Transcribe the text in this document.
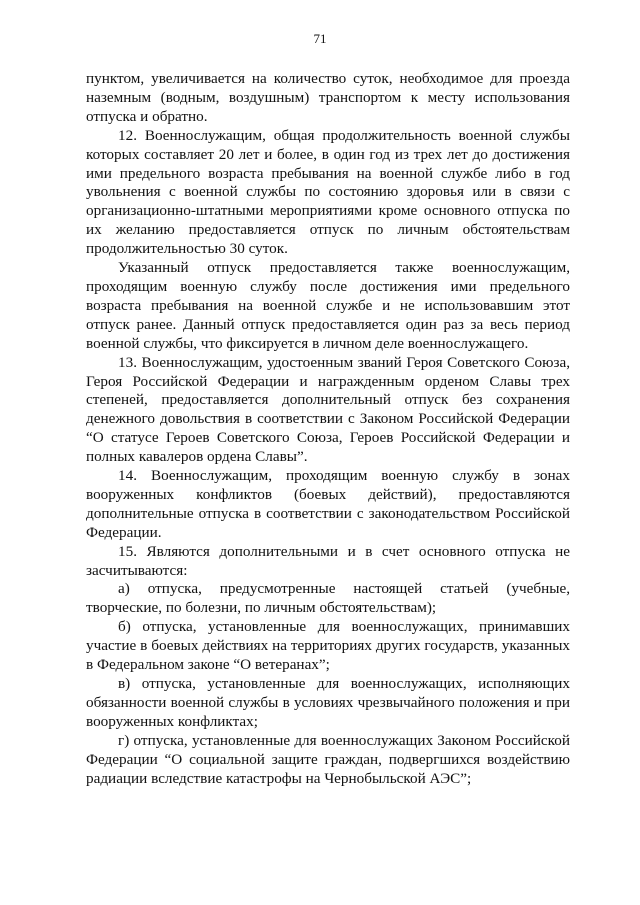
71

пунктом, увеличивается на количество суток, необходимое для проезда наземным (водным, воздушным) транспортом к месту использования отпуска и обратно.

12. Военнослужащим, общая продолжительность военной службы которых составляет 20 лет и более, в один год из трех лет до достижения ими предельного возраста пребывания на военной службе либо в год увольнения с военной службы по состоянию здоровья или в связи с организационно-штатными мероприятиями кроме основного отпуска по их желанию предоставляется отпуск по личным обстоятельствам продолжительностью 30 суток.

Указанный отпуск предоставляется также военнослужащим, проходящим военную службу после достижения ими предельного возраста пребывания на военной службе и не использовавшим этот отпуск ранее. Данный отпуск предоставляется один раз за весь период военной службы, что фиксируется в личном деле военнослужащего.

13. Военнослужащим, удостоенным званий Героя Советского Союза, Героя Российской Федерации и награжденным орденом Славы трех степеней, предоставляется дополнительный отпуск без сохранения денежного довольствия в соответствии с Законом Российской Федерации “О статусе Героев Советского Союза, Героев Российской Федерации и полных кавалеров ордена Славы”.

14. Военнослужащим, проходящим военную службу в зонах вооруженных конфликтов (боевых действий), предоставляются дополнительные отпуска в соответствии с законодательством Российской Федерации.

15. Являются дополнительными и в счет основного отпуска не засчитываются:

а) отпуска, предусмотренные настоящей статьей (учебные, творческие, по болезни, по личным обстоятельствам);

б) отпуска, установленные для военнослужащих, принимавших участие в боевых действиях на территориях других государств, указанных в Федеральном законе “О ветеранах”;

в) отпуска, установленные для военнослужащих, исполняющих обязанности военной службы в условиях чрезвычайного положения и при вооруженных конфликтах;

г) отпуска, установленные для военнослужащих Законом Российской Федерации “О социальной защите граждан, подвергшихся воздействию радиации вследствие катастрофы на Чернобыльской АЭС”;
